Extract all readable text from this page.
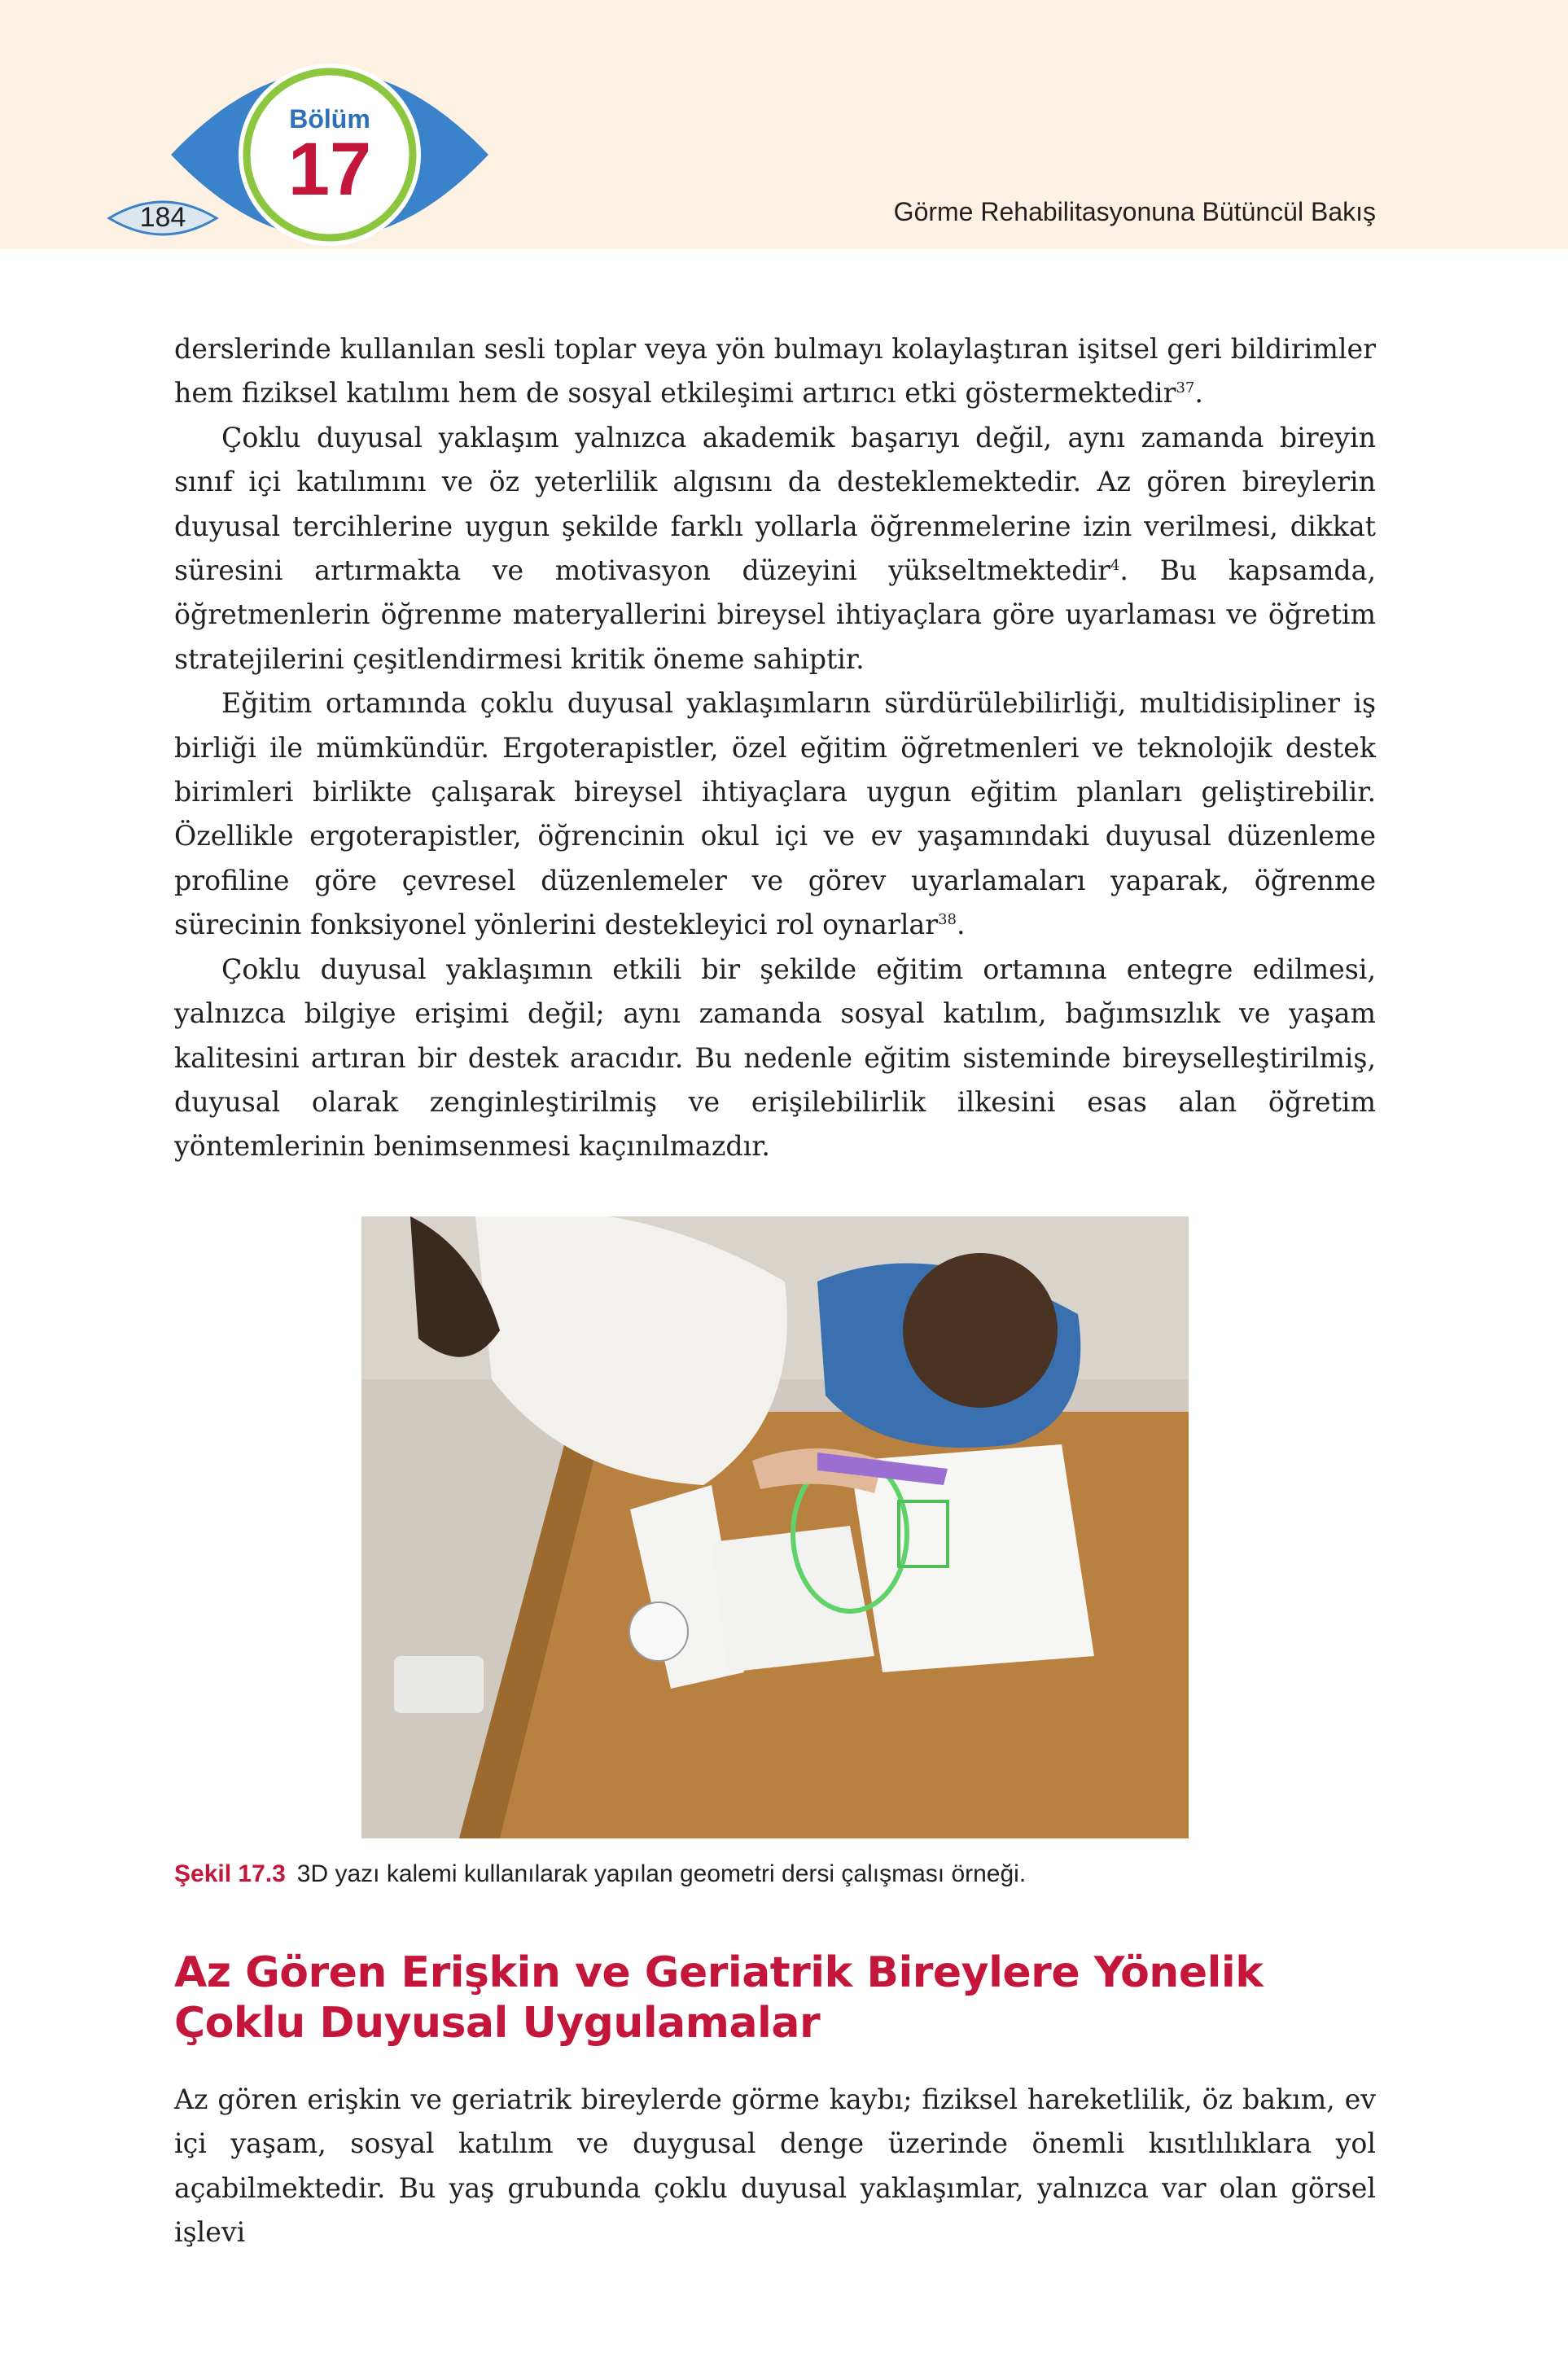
Bölüm
17
184	Görme Rehabilitasyonuna Bütüncül Bakış

derslerinde kullanılan sesli toplar veya yön bulmayı kolaylaştıran işitsel geri bildirimler hem fiziksel katılımı hem de sosyal etkileşimi artırıcı etki göstermektedir$^{37}$.

Çoklu duyusal yaklaşım yalnızca akademik başarıyı değil, aynı zamanda bireyin sınıf içi katılımını ve öz yeterlilik algısını da desteklemektedir. Az gören bireylerin duyusal tercihlerine uygun şekilde farklı yollarla öğrenmelerine izin verilmesi, dikkat süresini artırmakta ve motivasyon düzeyini yükseltmektedir$^4$. Bu kapsamda, öğretmenlerin öğrenme materyallerini bireysel ihtiyaçlara göre uyarlaması ve öğretim stratejilerini çeşitlendirmesi kritik öneme sahiptir.

Eğitim ortamında çoklu duyusal yaklaşımların sürdürülebilirliği, multidisipliner iş birliği ile mümkündür. Ergoterapistler, özel eğitim öğretmenleri ve teknolojik destek birimleri birlikte çalışarak bireysel ihtiyaçlara uygun eğitim planları geliştirebilir. Özellikle ergoterapistler, öğrencinin okul içi ve ev yaşamındaki duyusal düzenleme profiline göre çevresel düzenlemeler ve görev uyarlamaları yaparak, öğrenme sürecinin fonksiyonel yönlerini destekleyici rol oynarlar$^{38}$.

Çoklu duyusal yaklaşımın etkili bir şekilde eğitim ortamına entegre edilmesi, yalnızca bilgiye erişimi değil; aynı zamanda sosyal katılım, bağımsızlık ve yaşam kalitesini artıran bir destek aracıdır. Bu nedenle eğitim sisteminde bireyselleştirilmiş, duyusal olarak zenginleştirilmiş ve erişilebilirlik ilkesini esas alan öğretim yöntemlerinin benimsenmesi kaçınılmazdır.

Şekil 17.3 3D yazı kalemi kullanılarak yapılan geometri dersi çalışması örneği.
Az Gören Erişkin ve Geriatrik Bireylere Yönelik Çoklu Duyusal Uygulamalar

Az gören erişkin ve geriatrik bireylerde görme kaybı; fiziksel hareketlilik, öz bakım, ev içi yaşam, sosyal katılım ve duygusal denge üzerinde önemli kısıtlılıklara yol açabilmektedir. Bu yaş grubunda çoklu duyusal yaklaşımlar, yalnızca var olan görsel işlevi
